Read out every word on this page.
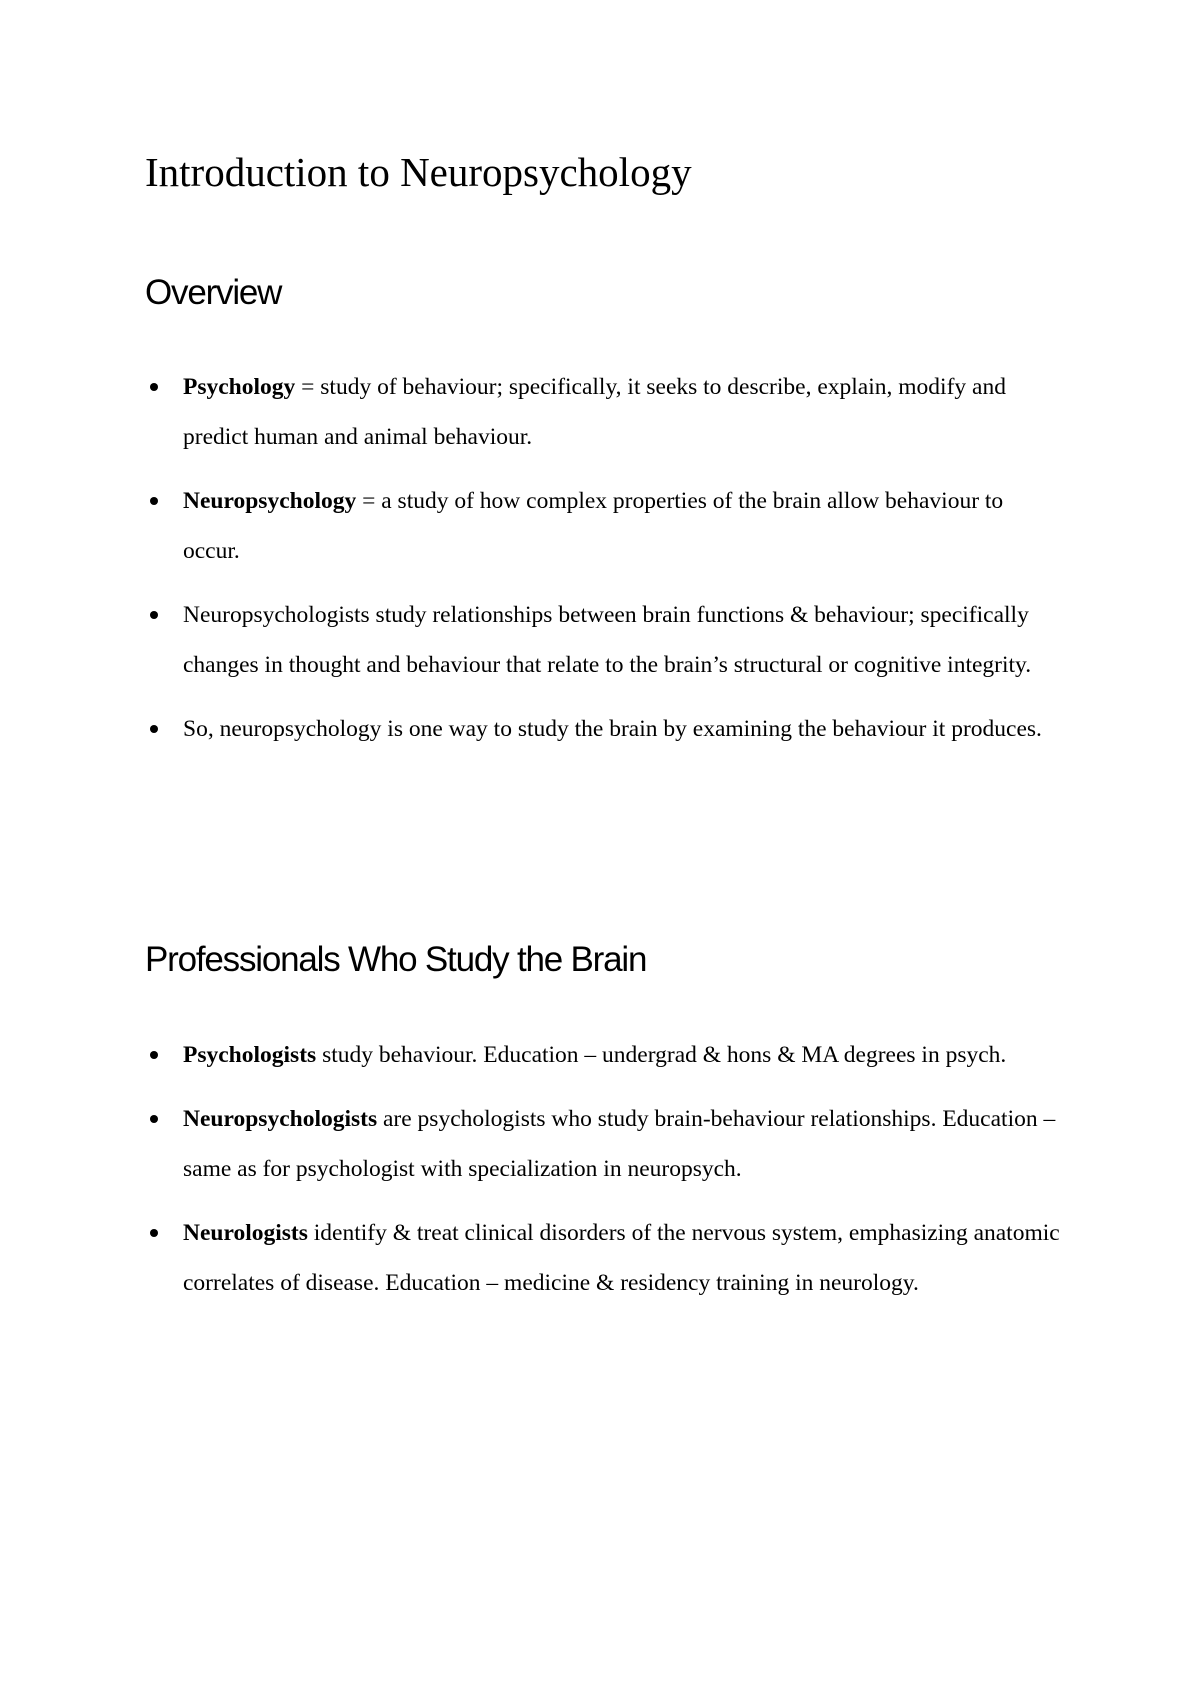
Introduction to Neuropsychology
Overview
Psychology = study of behaviour; specifically, it seeks to describe, explain, modify and predict human and animal behaviour.
Neuropsychology = a study of how complex properties of the brain allow behaviour to occur.
Neuropsychologists study relationships between brain functions & behaviour; specifically changes in thought and behaviour that relate to the brain’s structural or cognitive integrity.
So, neuropsychology is one way to study the brain by examining the behaviour it produces.
Professionals Who Study the Brain
Psychologists study behaviour. Education – undergrad & hons & MA degrees in psych.
Neuropsychologists are psychologists who study brain-behaviour relationships. Education – same as for psychologist with specialization in neuropsych.
Neurologists identify & treat clinical disorders of the nervous system, emphasizing anatomic correlates of disease. Education – medicine & residency training in neurology.
